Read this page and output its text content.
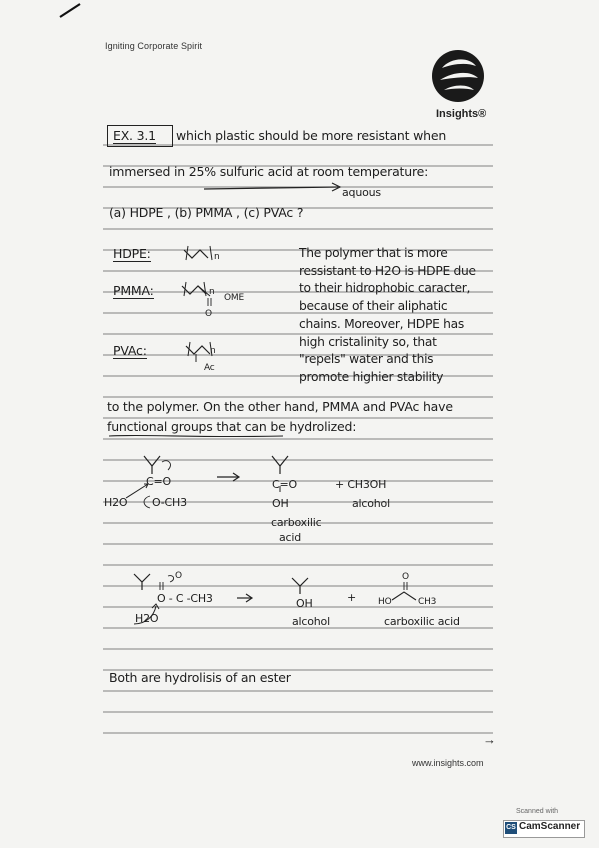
Igniting Corporate Spirit
Insights®
EX. 3.1 which plastic should be more resistant when
immersed in 25% sulfuric acid at room temperature:
aquous
(a) HDPE , (b) PMMA , (c) PVAc ?
HDPE:
PMMA:
PVAc:
n
n
OME
O
n
Ac
The polymer that is more
ressistant to H2O is HDPE due
to their hidrophobic caracter,
because of their aliphatic
chains. Moreover, HDPE has
high cristalinity so, that
"repels" water and this
promote highier stability
to the polymer. On the other hand, PMMA and PVAc have
functional groups that can be hydrolized:
C=O
H2O O-CH3
C=O	+ CH3OH
OH	alcohol
carboxilic
acid
O
O - C -CH3
H2O
OH	+
O
HO	CH3
alcohol	carboxilic acid
Both are hydrolisis of an ester
→
www.insights.com
Scanned with
CS CamScanner
